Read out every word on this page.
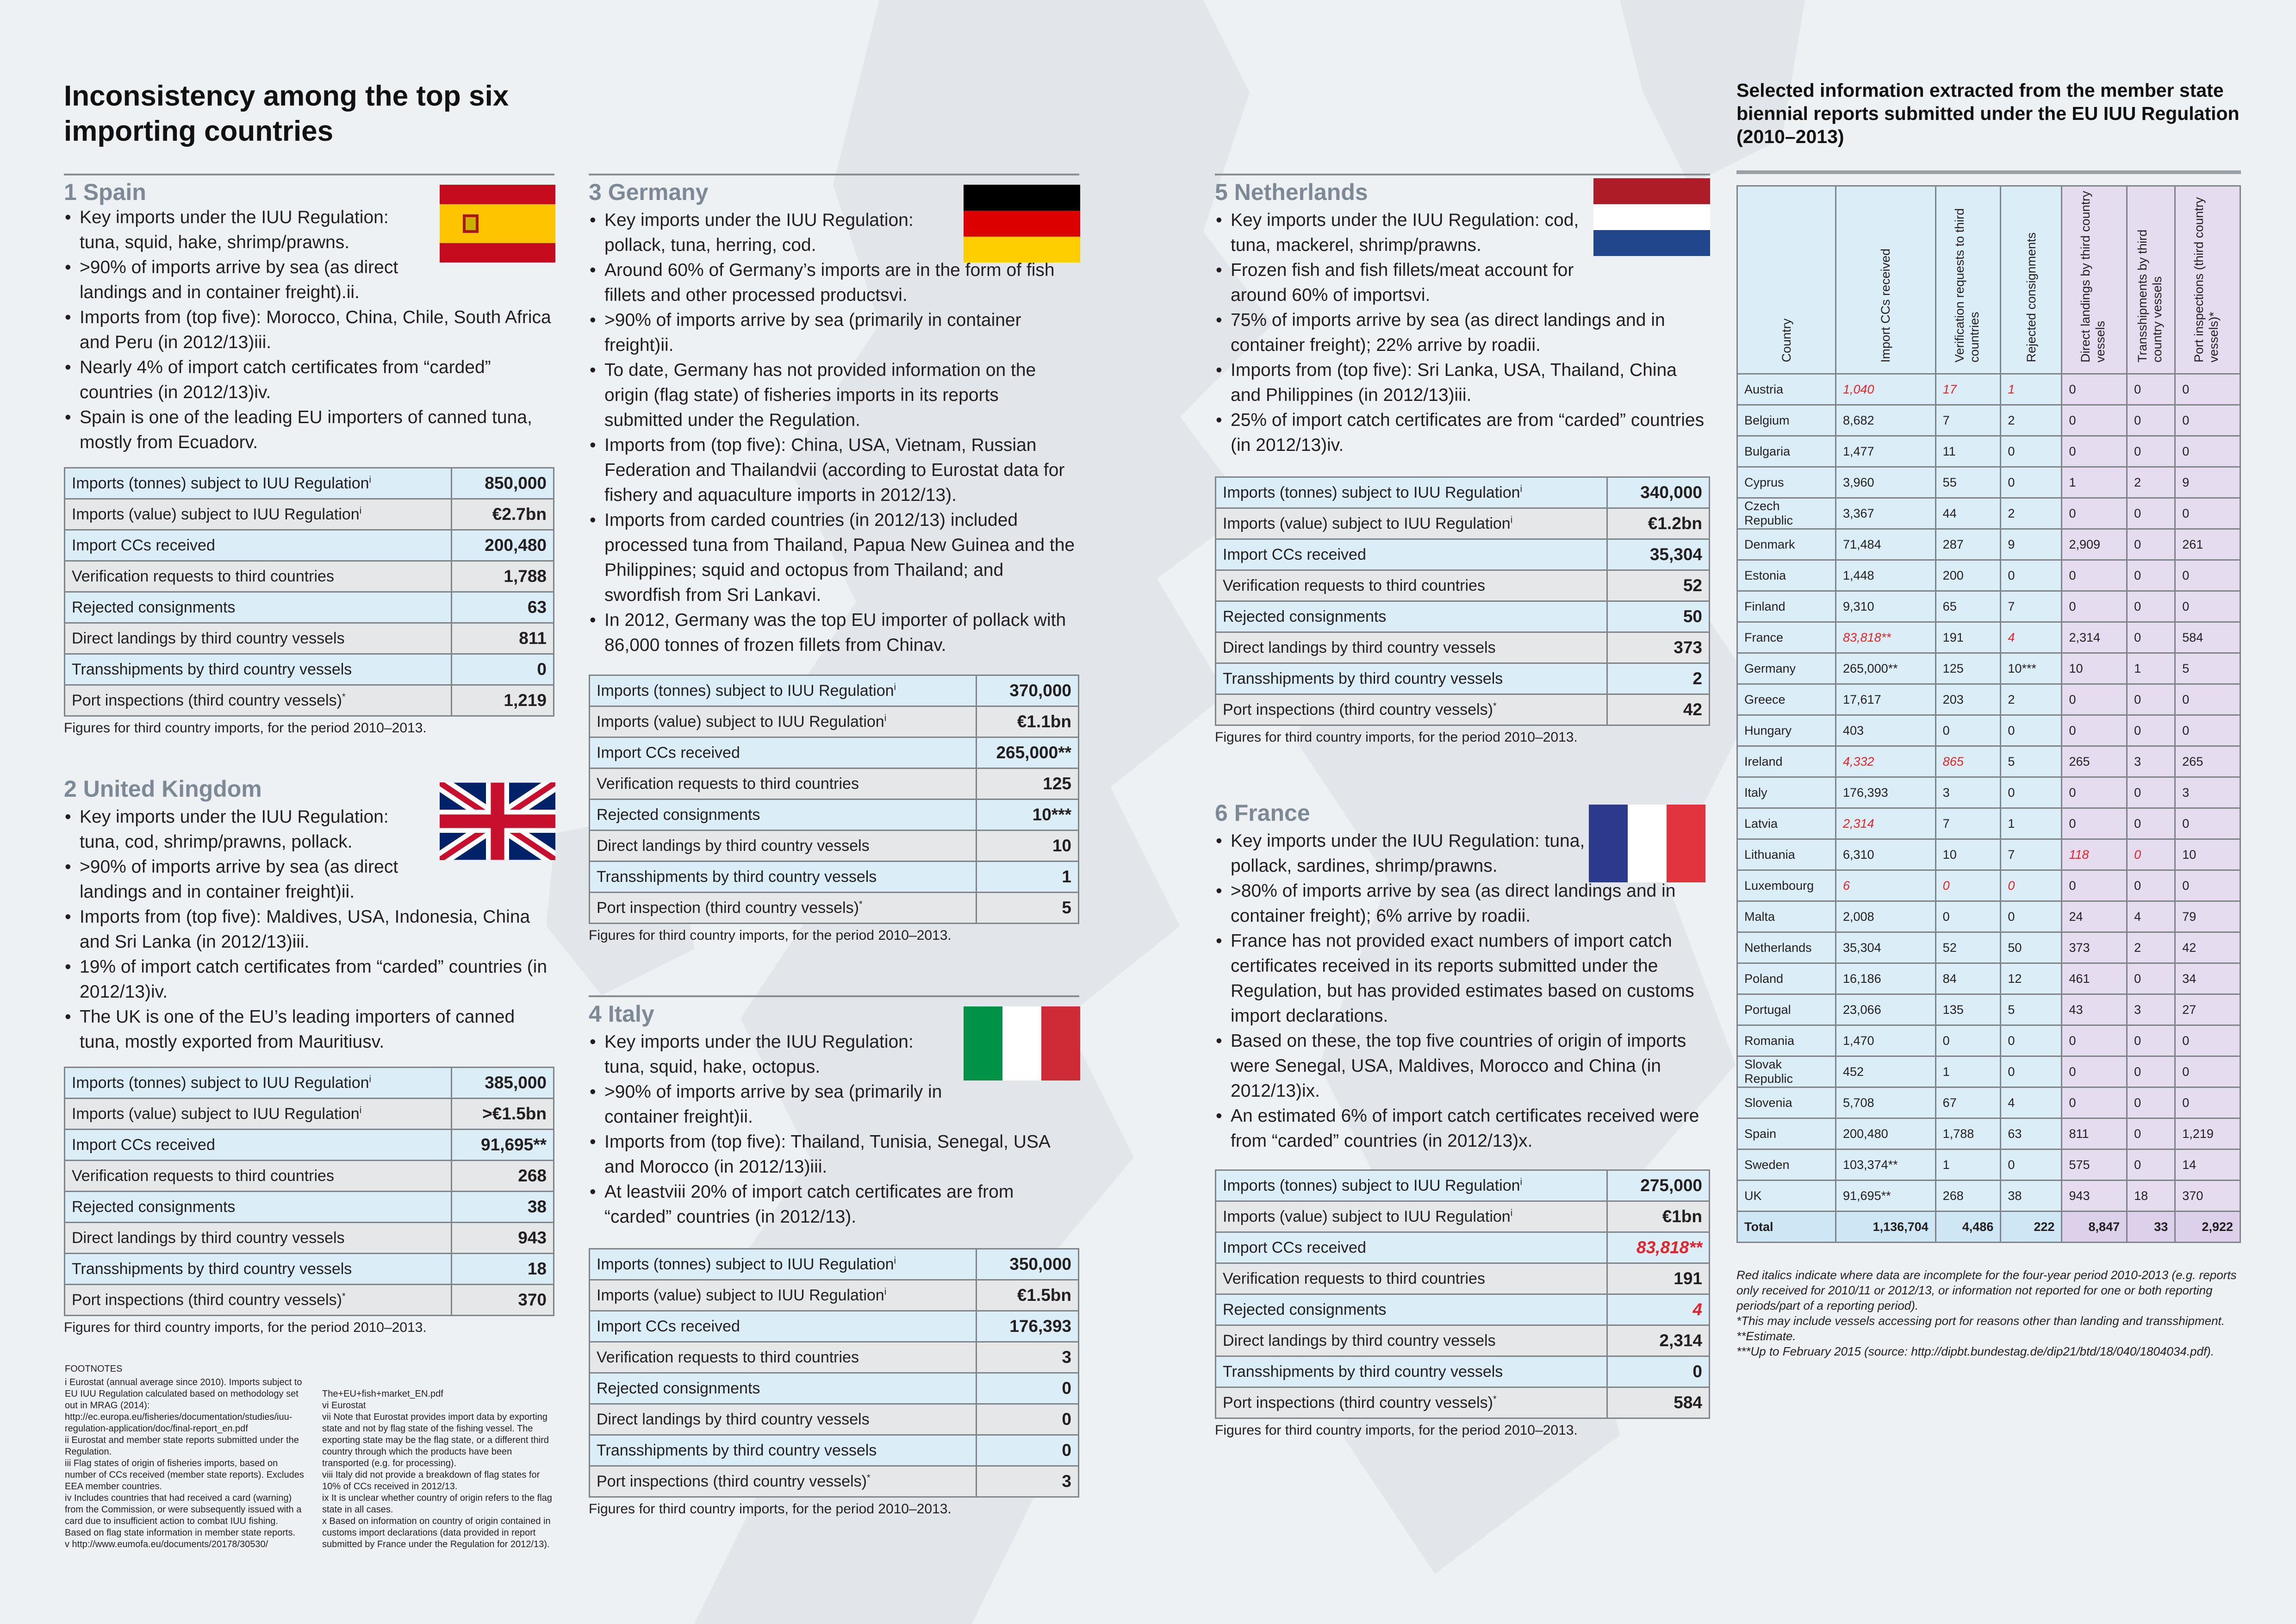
Inconsistency among the top six importing countries
Selected information extracted from the member state biennial reports submitted under the EU IUU Regulation (2010–2013)
1 Spain
• Key imports under the IUU Regulation: tuna, squid, hake, shrimp/prawns.
• >90% of imports arrive by sea (as direct landings and in container freight).ii.
• Imports from (top five): Morocco, China, Chile, South Africa and Peru (in 2012/13)iii.
• Nearly 4% of import catch certificates from “carded” countries (in 2012/13)iv.
• Spain is one of the leading EU importers of canned tuna, mostly from Ecuadorv.
Imports (tonnes) subject to IUU Regulation$^i$	850,000
Imports (value) subject to IUU Regulation$^i$	€2.7bn
Import CCs received	200,480
Verification requests to third countries	1,788
Rejected consignments	63
Direct landings by third country vessels	811
Transshipments by third country vessels	0
Port inspections (third country vessels)*	1,219
Figures for third country imports, for the period 2010–2013.
2 United Kingdom
• Key imports under the IUU Regulation: tuna, cod, shrimp/prawns, pollack.
• >90% of imports arrive by sea (as direct landings and in container freight)ii.
• Imports from (top five): Maldives, USA, Indonesia, China and Sri Lanka (in 2012/13)iii.
• 19% of import catch certificates from “carded” countries (in 2012/13)iv.
• The UK is one of the EU’s leading importers of canned tuna, mostly exported from Mauritiusv.
Imports (tonnes) subject to IUU Regulation$^i$	385,000
Imports (value) subject to IUU Regulation$^i$	>€1.5bn
Import CCs received	91,695**
Verification requests to third countries	268
Rejected consignments	38
Direct landings by third country vessels	943
Transshipments by third country vessels	18
Port inspections (third country vessels)*	370
Figures for third country imports, for the period 2010–2013.
FOOTNOTES
i Eurostat (annual average since 2010). Imports subject to EU IUU Regulation calculated based on methodology set out in MRAG (2014): http://ec.europa.eu/fisheries/documentation/studies/iuu-regulation-application/doc/final-report_en.pdf
ii Eurostat and member state reports submitted under the Regulation.
iii Flag states of origin of fisheries imports, based on number of CCs received (member state reports). Excludes EEA member countries.
iv Includes countries that had received a card (warning) from the Commission, or were subsequently issued with a card due to insufficient action to combat IUU fishing. Based on flag state information in member state reports.
v http://www.eumofa.eu/documents/20178/30530/
The+EU+fish+market_EN.pdf
vi Eurostat
vii Note that Eurostat provides import data by exporting state and not by flag state of the fishing vessel. The exporting state may be the flag state, or a different third country through which the products have been transported (e.g. for processing).
viii Italy did not provide a breakdown of flag states for 10% of CCs received in 2012/13.
ix It is unclear whether country of origin refers to the flag state in all cases.
x Based on information on country of origin contained in customs import declarations (data provided in report submitted by France under the Regulation for 2012/13).
3 Germany
• Key imports under the IUU Regulation: pollack, tuna, herring, cod.
• Around 60% of Germany’s imports are in the form of fish fillets and other processed productsvi.
• >90% of imports arrive by sea (primarily in container freight)ii.
• To date, Germany has not provided information on the origin (flag state) of fisheries imports in its reports submitted under the Regulation.
• Imports from (top five): China, USA, Vietnam, Russian Federation and Thailandvii (according to Eurostat data for fishery and aquaculture imports in 2012/13).
• Imports from carded countries (in 2012/13) included processed tuna from Thailand, Papua New Guinea and the Philippines; squid and octopus from Thailand; and swordfish from Sri Lankavi.
• In 2012, Germany was the top EU importer of pollack with 86,000 tonnes of frozen fillets from Chinav.
Imports (tonnes) subject to IUU Regulation$^i$	370,000
Imports (value) subject to IUU Regulation$^i$	€1.1bn
Import CCs received	265,000**
Verification requests to third countries	125
Rejected consignments	10***
Direct landings by third country vessels	10
Transshipments by third country vessels	1
Port inspection (third country vessels)*	5
Figures for third country imports, for the period 2010–2013.
4 Italy
• Key imports under the IUU Regulation: tuna, squid, hake, octopus.
• >90% of imports arrive by sea (primarily in container freight)ii.
• Imports from (top five): Thailand, Tunisia, Senegal, USA and Morocco (in 2012/13)iii.
• At leastviii 20% of import catch certificates are from “carded” countries (in 2012/13).
Imports (tonnes) subject to IUU Regulation$^i$	350,000
Imports (value) subject to IUU Regulation$^i$	€1.5bn
Import CCs received	176,393
Verification requests to third countries	3
Rejected consignments	0
Direct landings by third country vessels	0
Transshipments by third country vessels	0
Port inspections (third country vessels)*	3
Figures for third country imports, for the period 2010–2013.
5 Netherlands
• Key imports under the IUU Regulation: cod, tuna, mackerel, shrimp/prawns.
• Frozen fish and fish fillets/meat account for around 60% of importsvi.
• 75% of imports arrive by sea (as direct landings and in container freight); 22% arrive by roadii.
• Imports from (top five): Sri Lanka, USA, Thailand, China and Philippines (in 2012/13)iii.
• 25% of import catch certificates are from “carded” countries (in 2012/13)iv.
Imports (tonnes) subject to IUU Regulation$^i$	340,000
Imports (value) subject to IUU Regulation$^i$	€1.2bn
Import CCs received	35,304
Verification requests to third countries	52
Rejected consignments	50
Direct landings by third country vessels	373
Transshipments by third country vessels	2
Port inspections (third country vessels)*	42
Figures for third country imports, for the period 2010–2013.
6 France
• Key imports under the IUU Regulation: tuna, pollack, sardines, shrimp/prawns.
• >80% of imports arrive by sea (as direct landings and in container freight); 6% arrive by roadii.
• France has not provided exact numbers of import catch certificates received in its reports submitted under the Regulation, but has provided estimates based on customs import declarations.
• Based on these, the top five countries of origin of imports were Senegal, USA, Maldives, Morocco and China (in 2012/13)ix.
• An estimated 6% of import catch certificates received were from “carded” countries (in 2012/13)x.
Imports (tonnes) subject to IUU Regulation$^i$	275,000
Imports (value) subject to IUU Regulation$^i$	€1bn
Import CCs received	83,818**
Verification requests to third countries	191
Rejected consignments	4
Direct landings by third country vessels	2,314
Transshipments by third country vessels	0
Port inspections (third country vessels)*	584
Figures for third country imports, for the period 2010–2013.
Country	Import CCs received	Verification requests to third countries	Rejected consignments	Direct landings by third country vessels	Transshipments by third country vessels	Port inspections (third country vessels)*
Austria	1,040	17	1	0	0	0
Belgium	8,682	7	2	0	0	0
Bulgaria	1,477	11	0	0	0	0
Cyprus	3,960	55	0	1	2	9
Czech Republic	3,367	44	2	0	0	0
Denmark	71,484	287	9	2,909	0	261
Estonia	1,448	200	0	0	0	0
Finland	9,310	65	7	0	0	0
France	83,818**	191	4	2,314	0	584
Germany	265,000**	125	10***	10	1	5
Greece	17,617	203	2	0	0	0
Hungary	403	0	0	0	0	0
Ireland	4,332	865	5	265	3	265
Italy	176,393	3	0	0	0	3
Latvia	2,314	7	1	0	0	0
Lithuania	6,310	10	7	118	0	10
Luxembourg	6	0	0	0	0	0
Malta	2,008	0	0	24	4	79
Netherlands	35,304	52	50	373	2	42
Poland	16,186	84	12	461	0	34
Portugal	23,066	135	5	43	3	27
Romania	1,470	0	0	0	0	0
Slovak Republic	452	1	0	0	0	0
Slovenia	5,708	67	4	0	0	0
Spain	200,480	1,788	63	811	0	1,219
Sweden	103,374**	1	0	575	0	14
UK	91,695**	268	38	943	18	370
Total	1,136,704	4,486	222	8,847	33	2,922
Red italics indicate where data are incomplete for the four-year period 2010-2013 (e.g. reports only received for 2010/11 or 2012/13, or information not reported for one or both reporting periods/part of a reporting period).
*This may include vessels accessing port for reasons other than landing and transshipment.
**Estimate.
***Up to February 2015 (source: http://dipbt.bundestag.de/dip21/btd/18/040/1804034.pdf).
